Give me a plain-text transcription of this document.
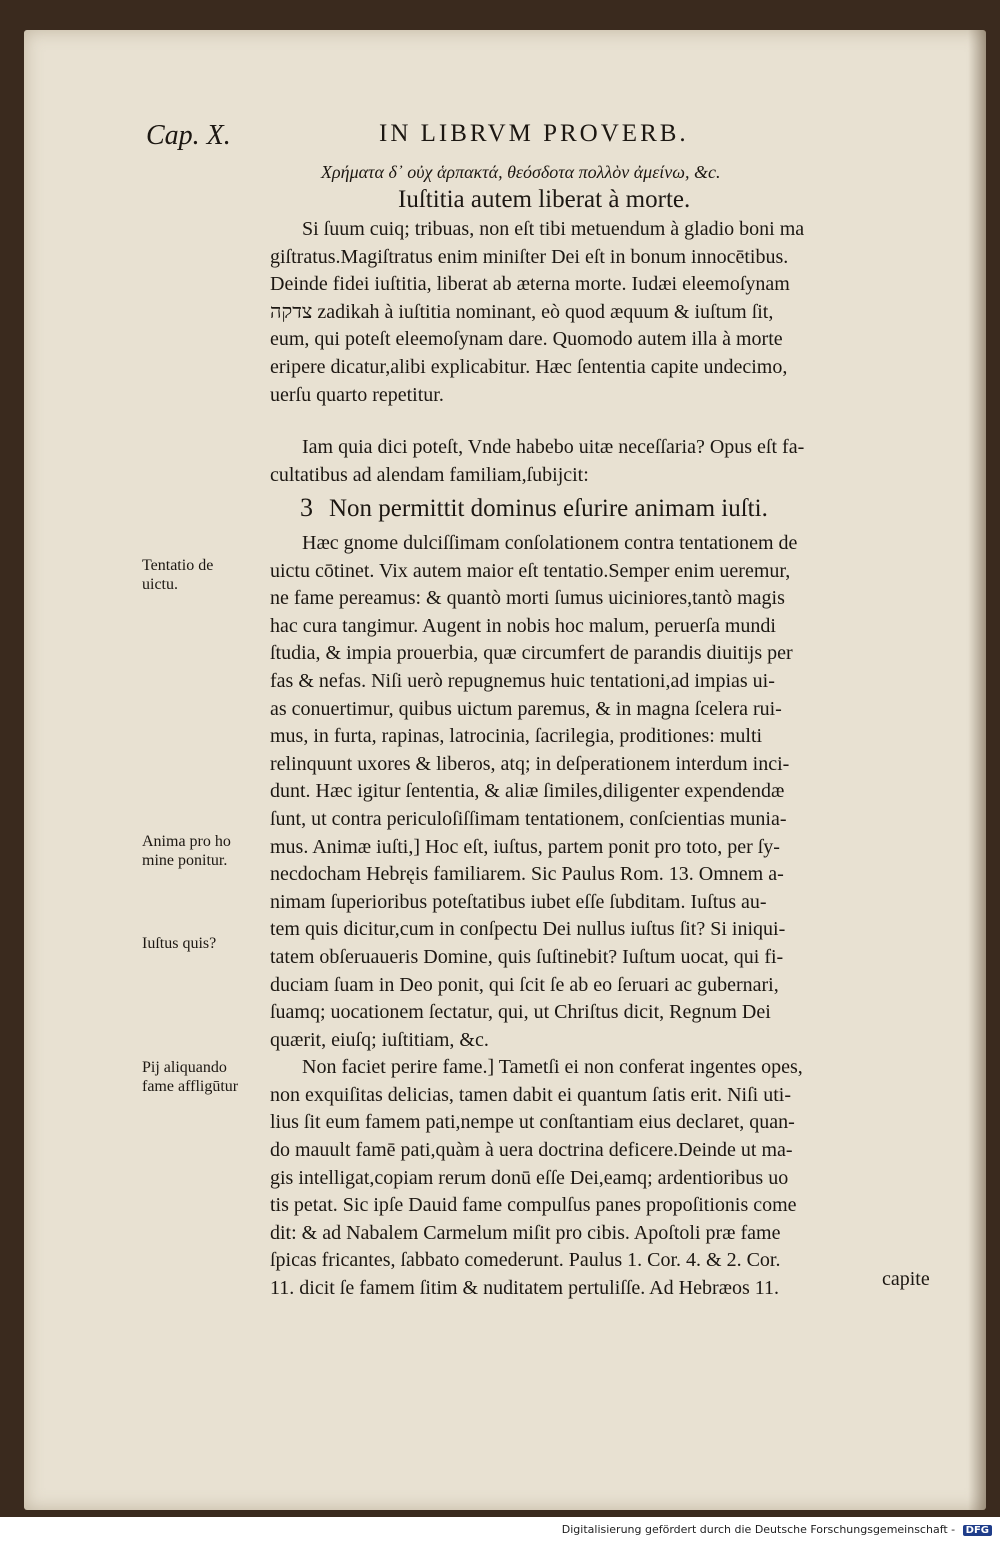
Cap. X.	IN LIBRVM PROVERB.
Χρήματα δ᾽ οὐχ ἁρπακτά, θεόσδοτα πολλὸν ἀμείνω, &c.
Iuſtitia autem liberat à morte.
Si ſuum cuiq; tribuas, non eſt tibi metuendum à gladio boni ma
giſtratus.Magiſtratus enim miniſter Dei eſt in bonum innocētibus.
Deinde fidei iuſtitia, liberat ab æterna morte. Iudæi eleemoſynam
צדקה zadikah à iuſtitia nominant, eò quod æquum & iuſtum ſit,
eum, qui poteſt eleemoſynam dare. Quomodo autem illa à morte
eripere dicatur,alibi explicabitur. Hæc ſententia capite undecimo,
uerſu quarto repetitur.
Iam quia dici poteſt, Vnde habebo uitæ neceſſaria? Opus eſt fa-
cultatibus ad alendam familiam,ſubijcit:
3 Non permittit dominus eſurire animam iuſti.
Hæc gnome dulciſſimam conſolationem contra tentationem de
uictu cōtinet. Vix autem maior eſt tentatio.Semper enim ueremur,
ne fame pereamus: & quantò morti ſumus uiciniores,tantò magis
hac cura tangimur. Augent in nobis hoc malum, peruerſa mundi
ſtudia, & impia prouerbia, quæ circumfert de parandis diuitijs per
fas & nefas. Niſi uerò repugnemus huic tentationi,ad impias ui-
as conuertimur, quibus uictum paremus, & in magna ſcelera rui-
mus, in furta, rapinas, latrocinia, ſacrilegia, proditiones: multi
relinquunt uxores & liberos, atq; in deſperationem interdum inci-
dunt. Hæc igitur ſententia, & aliæ ſimiles,diligenter expendendæ
ſunt, ut contra periculoſiſſimam tentationem, conſcientias munia-
mus. Animæ iuſti,] Hoc eſt, iuſtus, partem ponit pro toto, per ſy-
necdocham Hebręis familiarem. Sic Paulus Rom. 13. Omnem a-
nimam ſuperioribus poteſtatibus iubet eſſe ſubditam. Iuſtus au-
tem quis dicitur,cum in conſpectu Dei nullus iuſtus ſit? Si iniqui-
tatem obſeruaueris Domine, quis ſuſtinebit? Iuſtum uocat, qui fi-
duciam ſuam in Deo ponit, qui ſcit ſe ab eo ſeruari ac gubernari,
ſuamq; uocationem ſectatur, qui, ut Chriſtus dicit, Regnum Dei
quærit, eiuſq; iuſtitiam, &c.
Non faciet perire fame.] Tametſi ei non conferat ingentes opes,
non exquiſitas delicias, tamen dabit ei quantum ſatis erit. Niſi uti-
lius ſit eum famem pati,nempe ut conſtantiam eius declaret, quan-
do mauult famē pati,quàm à uera doctrina deficere.Deinde ut ma-
gis intelligat,copiam rerum donū eſſe Dei,eamq; ardentioribus uo
tis petat. Sic ipſe Dauid fame compulſus panes propoſitionis come
dit: & ad Nabalem Carmelum miſit pro cibis. Apoſtoli præ fame
ſpicas fricantes, ſabbato comederunt. Paulus 1. Cor. 4. & 2. Cor.
11. dicit ſe famem ſitim & nuditatem pertuliſſe. Ad Hebræos 11.	capite
Tentatio de
uictu.
Anima pro ho
mine ponitur.
Iuſtus quis?
Pij aliquando
fame affligūtur
Digitalisierung gefördert durch die Deutsche Forschungsgemeinschaft - DFG
